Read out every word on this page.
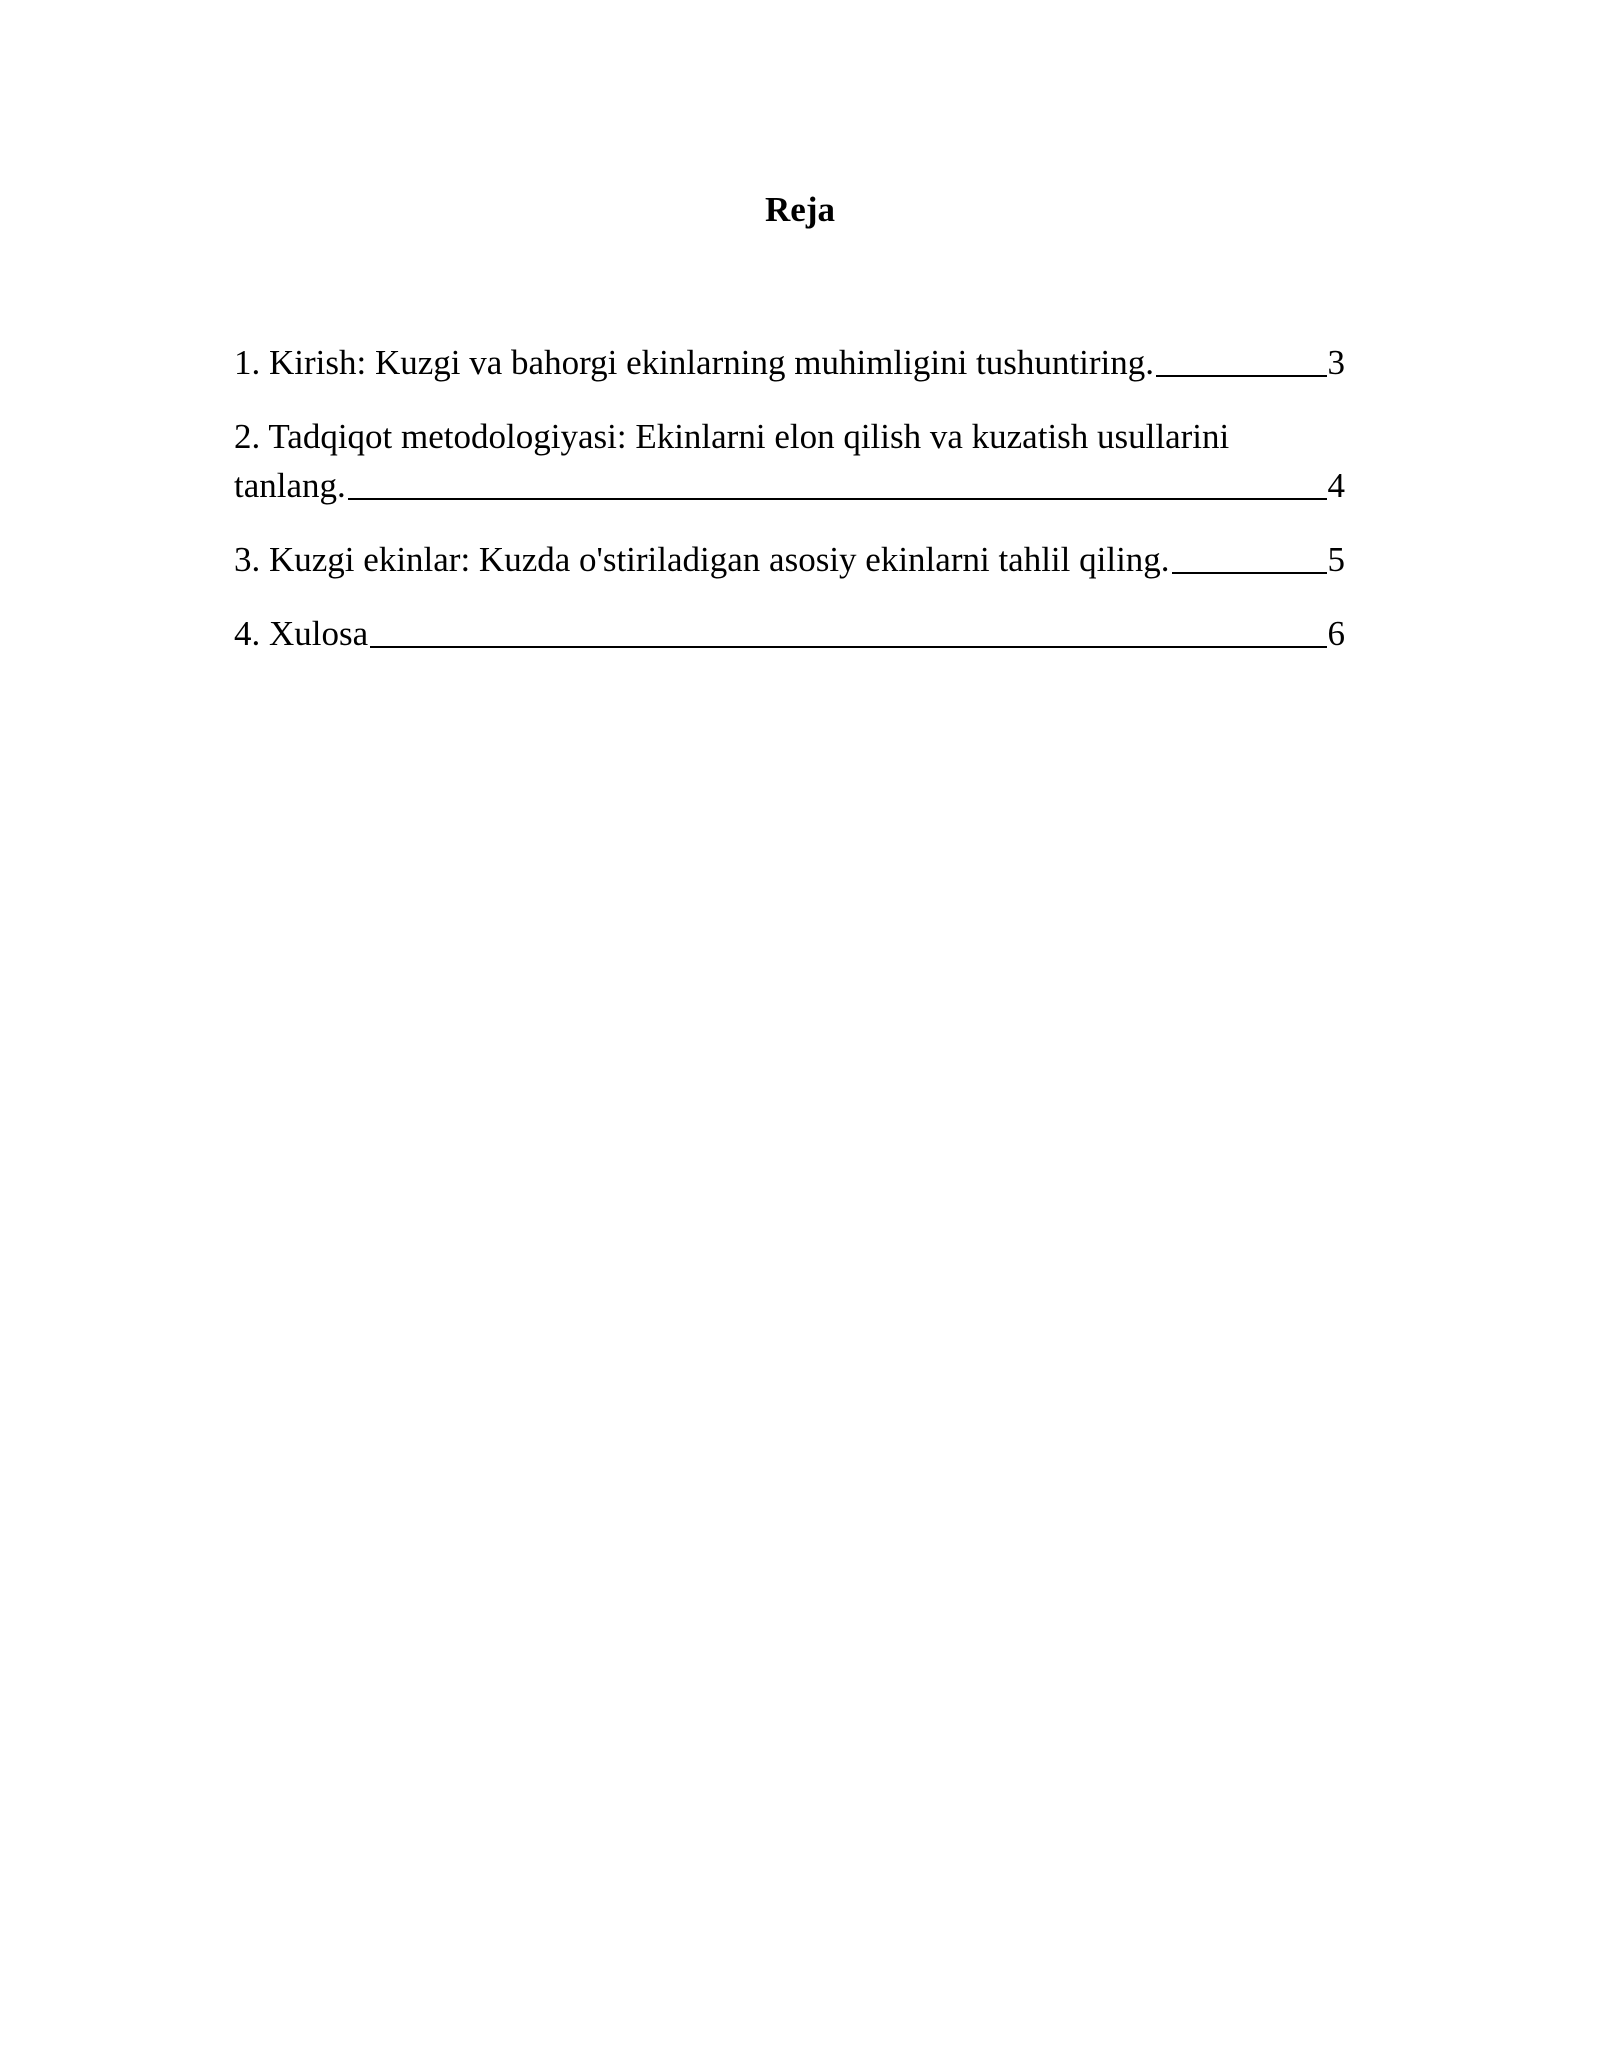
Reja
1. Kirish: Kuzgi va bahorgi ekinlarning muhimligini tushuntiring.	3
2. Tadqiqot metodologiyasi: Ekinlarni elon qilish va kuzatish usullarini
tanlang.	4
3. Kuzgi ekinlar: Kuzda o'stiriladigan asosiy ekinlarni tahlil qiling.	5
4. Xulosa	6
